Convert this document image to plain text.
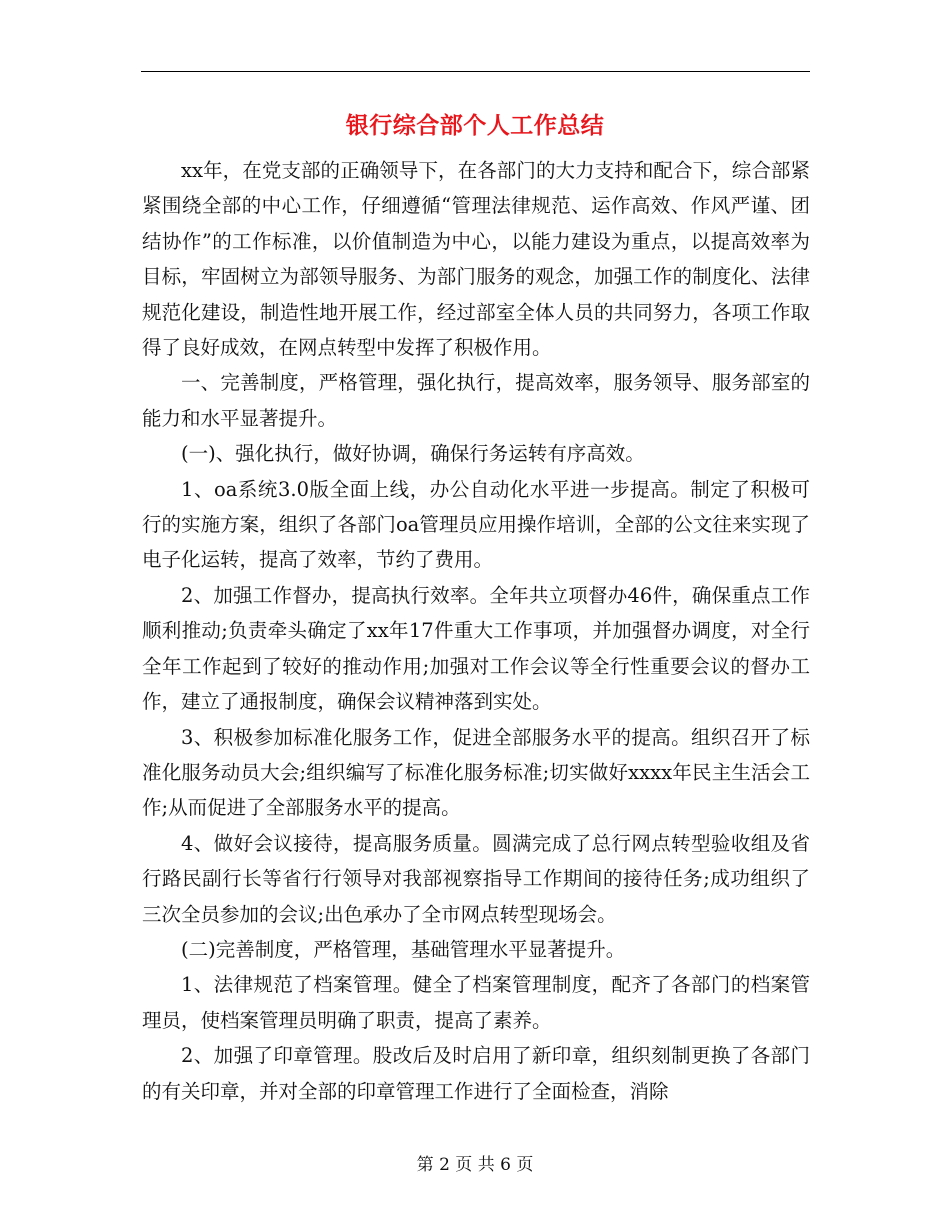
银行综合部个人工作总结

xx年，在党支部的正确领导下，在各部门的大力支持和配合下，综合部紧紧围绕全部的中心工作，仔细遵循“管理法律规范、运作高效、作风严谨、团结协作”的工作标准，以价值制造为中心，以能力建设为重点，以提高效率为目标，牢固树立为部领导服务、为部门服务的观念，加强工作的制度化、法律规范化建设，制造性地开展工作，经过部室全体人员的共同努力，各项工作取得了良好成效，在网点转型中发挥了积极作用。

一、完善制度，严格管理，强化执行，提高效率，服务领导、服务部室的能力和水平显著提升。

(一)、强化执行，做好协调，确保行务运转有序高效。

1、oa系统3.0版全面上线，办公自动化水平进一步提高。制定了积极可行的实施方案，组织了各部门oa管理员应用操作培训，全部的公文往来实现了电子化运转，提高了效率，节约了费用。

2、加强工作督办，提高执行效率。全年共立项督办46件，确保重点工作顺利推动;负责牵头确定了xx年17件重大工作事项，并加强督办调度，对全行全年工作起到了较好的推动作用;加强对工作会议等全行性重要会议的督办工作，建立了通报制度，确保会议精神落到实处。

3、积极参加标准化服务工作，促进全部服务水平的提高。组织召开了标准化服务动员大会;组织编写了标准化服务标准;切实做好xxxx年民主生活会工作;从而促进了全部服务水平的提高。

4、做好会议接待，提高服务质量。圆满完成了总行网点转型验收组及省行路民副行长等省行行领导对我部视察指导工作期间的接待任务;成功组织了三次全员参加的会议;出色承办了全市网点转型现场会。

(二)完善制度，严格管理，基础管理水平显著提升。

1、法律规范了档案管理。健全了档案管理制度，配齐了各部门的档案管理员，使档案管理员明确了职责，提高了素养。

2、加强了印章管理。股改后及时启用了新印章，组织刻制更换了各部门的有关印章，并对全部的印章管理工作进行了全面检查，消除

第 2 页 共 6 页
